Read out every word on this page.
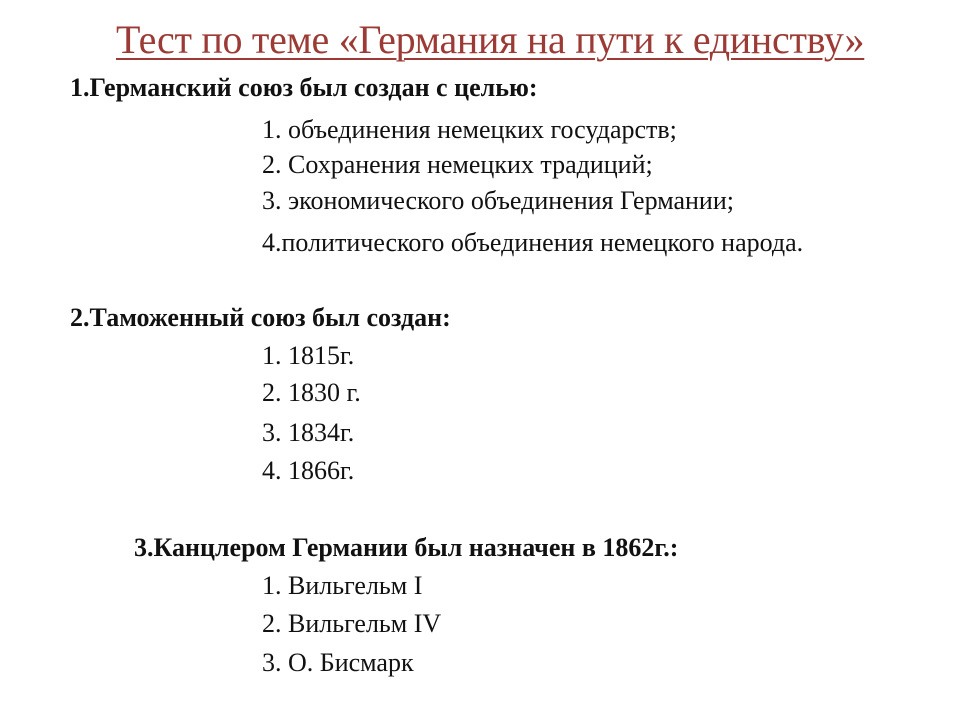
Тест по теме «Германия на пути к единству»
1.Германский союз был создан с целью:
1. объединения немецких государств;
2. Сохранения немецких традиций;
3. экономического объединения Германии;
4.политического объединения немецкого народа.
2.Таможенный союз был создан:
1. 1815г.
2. 1830 г.
3. 1834г.
4. 1866г.
3.Канцлером Германии был назначен в 1862г.:
1. Вильгельм I
2. Вильгельм IV
3. О. Бисмарк
